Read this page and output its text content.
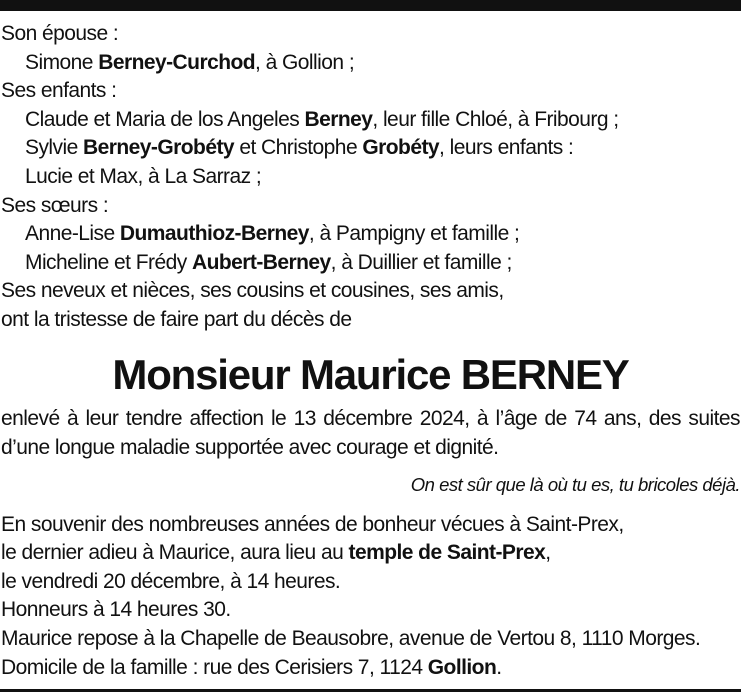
Son épouse :
Simone Berney-Curchod, à Gollion ;
Ses enfants :
Claude et Maria de los Angeles Berney, leur fille Chloé, à Fribourg ;
Sylvie Berney-Grobéty et Christophe Grobéty, leurs enfants :
Lucie et Max, à La Sarraz ;
Ses sœurs :
Anne-Lise Dumauthioz-Berney, à Pampigny et famille ;
Micheline et Frédy Aubert-Berney, à Duillier et famille ;
Ses neveux et nièces, ses cousins et cousines, ses amis,
ont la tristesse de faire part du décès de
Monsieur Maurice BERNEY
enlevé à leur tendre affection le 13 décembre 2024, à l’âge de 74 ans, des suites d’une longue maladie supportée avec courage et dignité.
On est sûr que là où tu es, tu bricoles déjà.
En souvenir des nombreuses années de bonheur vécues à Saint-Prex,
le dernier adieu à Maurice, aura lieu au temple de Saint-Prex,
le vendredi 20 décembre, à 14 heures.
Honneurs à 14 heures 30.
Maurice repose à la Chapelle de Beausobre, avenue de Vertou 8, 1110 Morges.
Domicile de la famille : rue des Cerisiers 7, 1124 Gollion.
